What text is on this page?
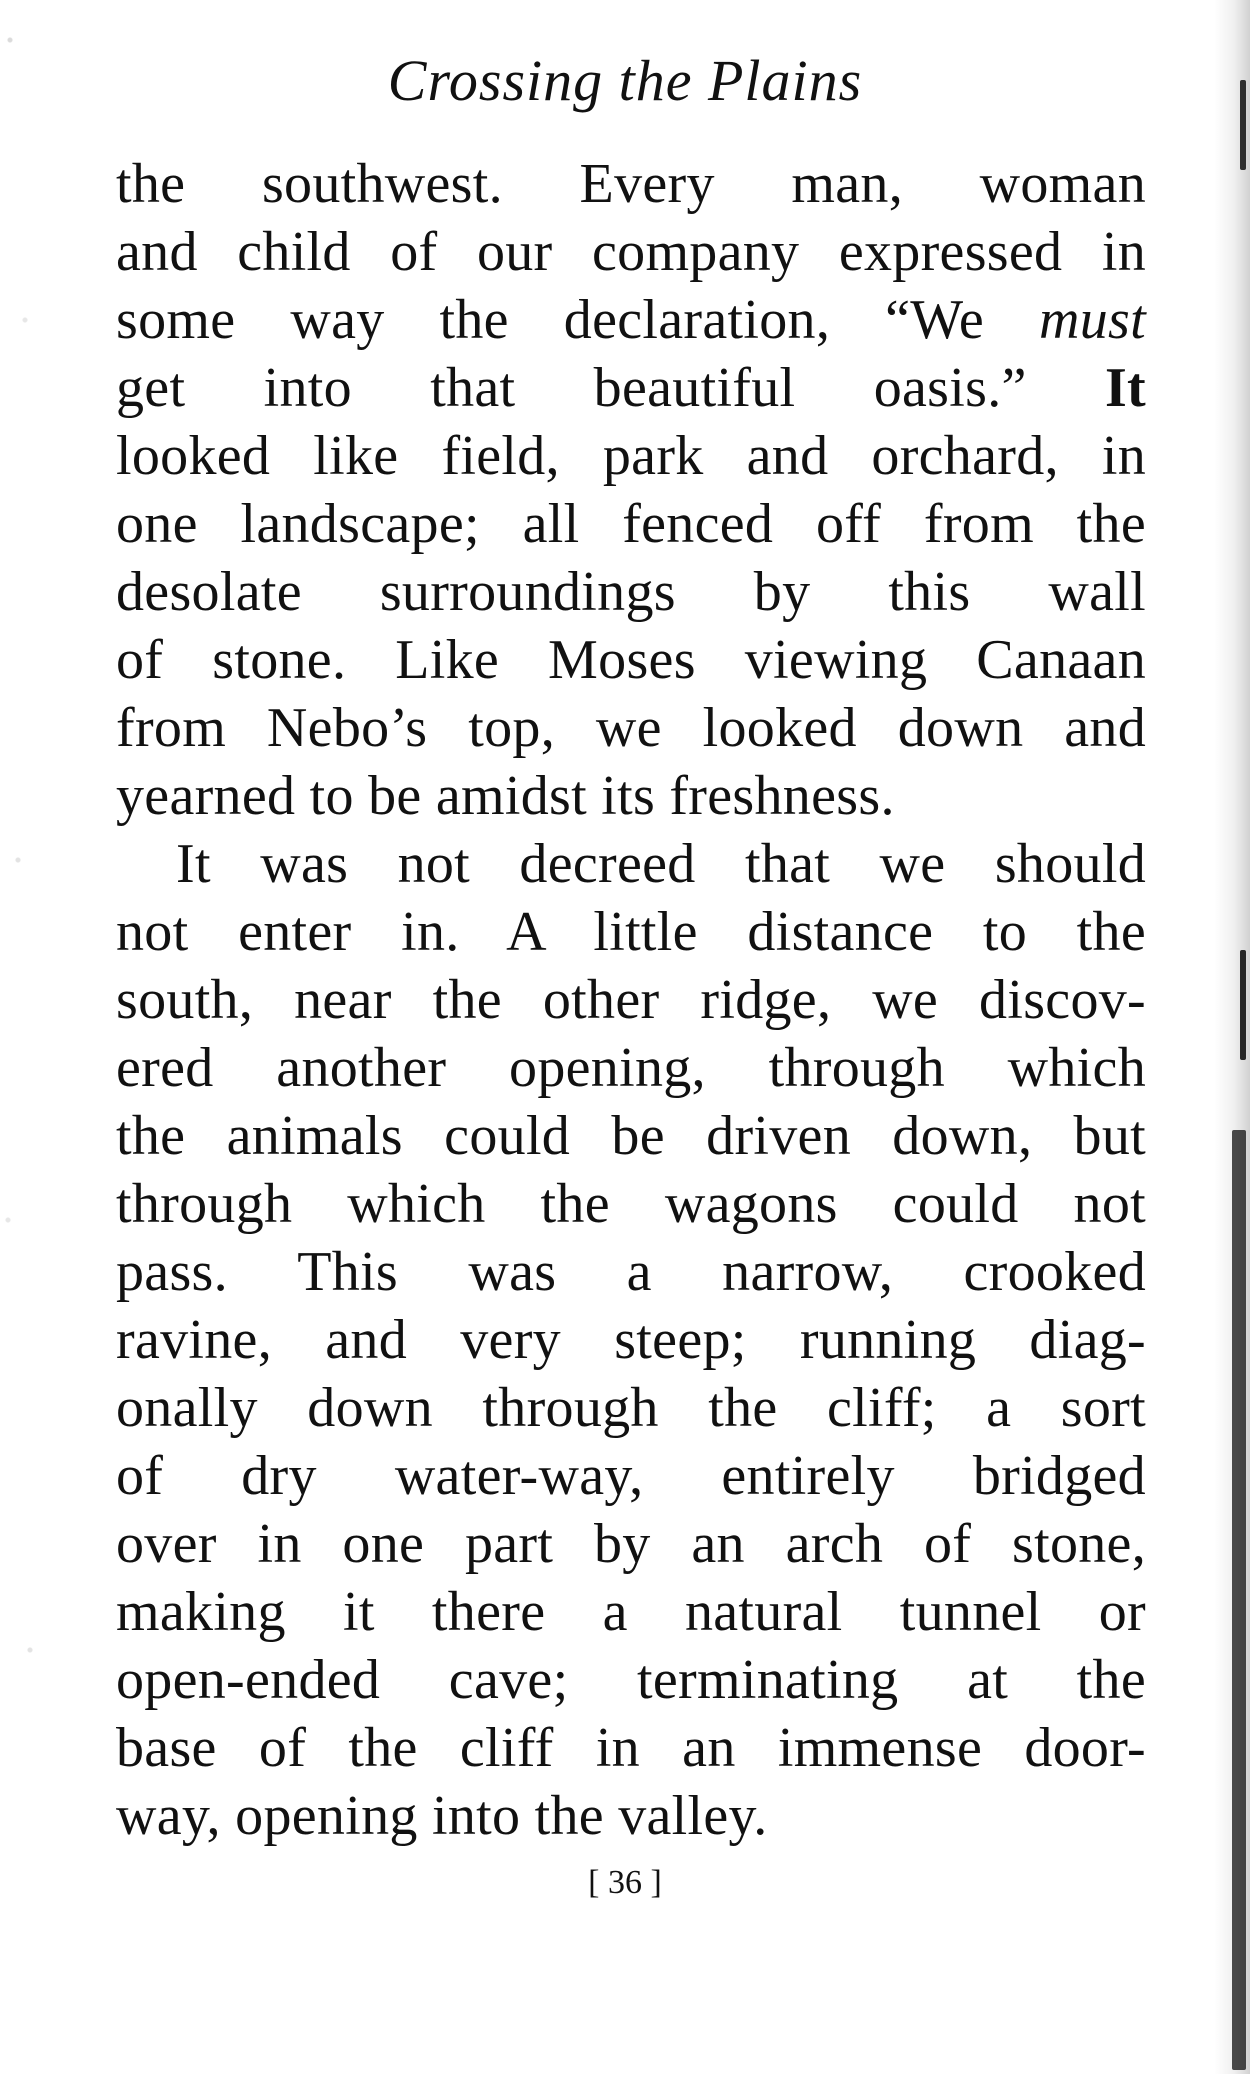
Crossing the Plains
the southwest. Every man, woman
and child of our company expressed in
some way the declaration, “We must
get into that beautiful oasis.” It
looked like field, park and orchard, in
one landscape; all fenced off from the
desolate surroundings by this wall
of stone. Like Moses viewing Canaan
from Nebo’s top, we looked down and
yearned to be amidst its freshness.
It was not decreed that we should
not enter in. A little distance to the
south, near the other ridge, we discov-
ered another opening, through which
the animals could be driven down, but
through which the wagons could not
pass. This was a narrow, crooked
ravine, and very steep; running diag-
onally down through the cliff; a sort
of dry water-way, entirely bridged
over in one part by an arch of stone,
making it there a natural tunnel or
open-ended cave; terminating at the
base of the cliff in an immense door-
way, opening into the valley.
[ 36 ]
